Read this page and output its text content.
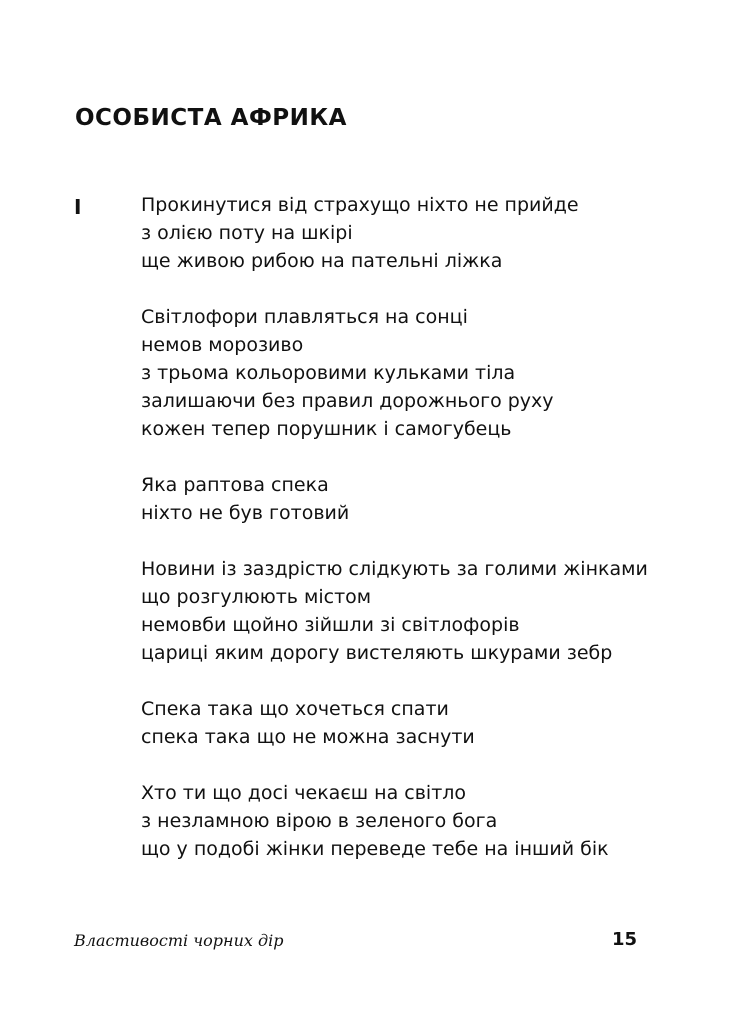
ОСОБИСТА АФРИКА
I	Прокинутися від страхущо ніхто не прийде
з олією поту на шкірі
ще живою рибою на пательні ліжка
Світлофори плавляться на сонці
немов морозиво
з трьома кольоровими кульками тіла
залишаючи без правил дорожнього руху
кожен тепер порушник і самогубець
Яка раптова спека
ніхто не був готовий
Новини із заздрістю слідкують за голими жінками
що розгулюють містом
немовби щойно зійшли зі світлофорів
цариці яким дорогу вистеляють шкурами зебр
Спека така що хочеться спати
спека така що не можна заснути
Хто ти що досі чекаєш на світло
з незламною вірою в зеленого бога
що у подобі жінки переведе тебе на інший бік
Властивості чорних дір	15
